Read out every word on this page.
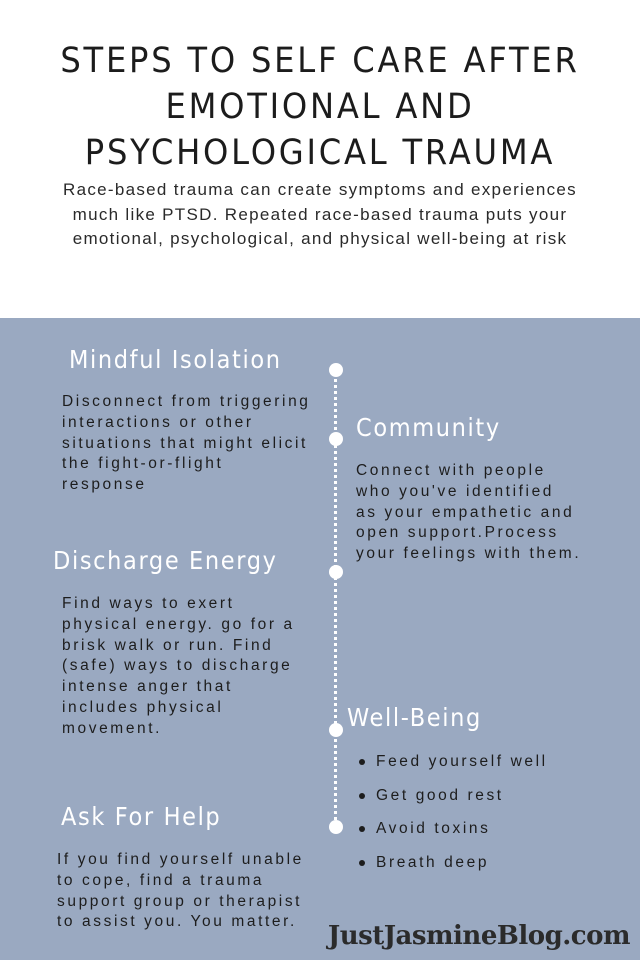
STEPS TO SELF CARE AFTER EMOTIONAL AND PSYCHOLOGICAL TRAUMA
Race-based trauma can create symptoms and experiences much like PTSD. Repeated race-based trauma puts your emotional, psychological, and physical well-being at risk
Mindful Isolation
Disconnect from triggering interactions or other situations that might elicit the fight-or-flight response
Community
Connect with people who you've identified as your empathetic and open support.Process your feelings with them.
Discharge Energy
Find ways to exert physical energy. go for a brisk walk or run. Find (safe) ways to discharge intense anger that includes physical movement.	Well-Being
Feed yourself well
Get good rest
Avoid toxins
Breath deep
Ask For Help
If you find yourself unable to cope, find a trauma support group or therapist to assist you. You matter.	JustJasmineBlog.com
